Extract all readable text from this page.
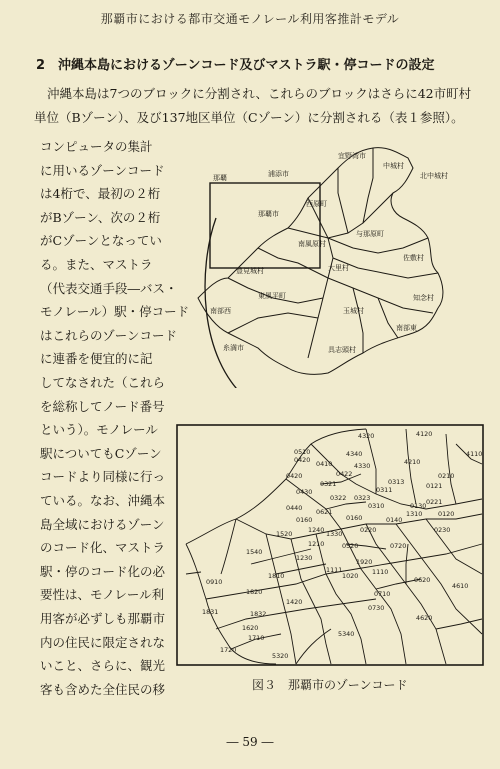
那覇市における都市交通モノレール利用客推計モデル
2 沖縄本島におけるゾーンコード及びマストラ駅・停コードの設定
沖縄本島は7つのブロックに分割され、これらのブロックはさらに42市町村単位（Bゾーン）、及び137地区単位（Cゾーン）に分割される（表１参照）。
コンピュータの集計
に用いるゾーンコード
は4桁で、最初の２桁
がBゾーン、次の２桁
がCゾーンとなってい
る。また、マストラ
（代表交通手段―バス・
モノレール）駅・停コード
はこれらのゾーンコード
に連番を便宜的に記
してなされた（これら
を総称してノード番号
という）。モノレール
駅についてもCゾーン
コードより同様に行っ
ている。なお、沖縄本
島全域におけるゾーン
のコード化、マストラ
駅・停のコード化の必
要性は、モノレール利
用客が必ずしも那覇市
内の住民に限定されな
いこと、さらに、観光
客も含めた全住民の移
宜野湾市
中城村
北中城村
浦添市
那覇
那覇市
西原町
与那原町
南風原村
佐敷村
豊見城村	大里村
知念村
東風平町
玉城村
南部西
南部東
糸満市	具志頭村
4320	4120
0510	4340	4110
0410	4330	4210
0420	0422
0321	0313
0311
0430
0121
0210
0322 0323	0221
0440	0310	0130
0120
0160
1310
0160	0140
1240	0220	0230
1520	1330
1210	0520	0720
1540
1230	1920
0910
1820
1810
1111
1020 1110
0620
4610
1831	1832
1420
0730
0710
1620
1710
1720
5340
4620
5320
0420
0621
図３　那覇市のゾーンコード
― 59 ―
